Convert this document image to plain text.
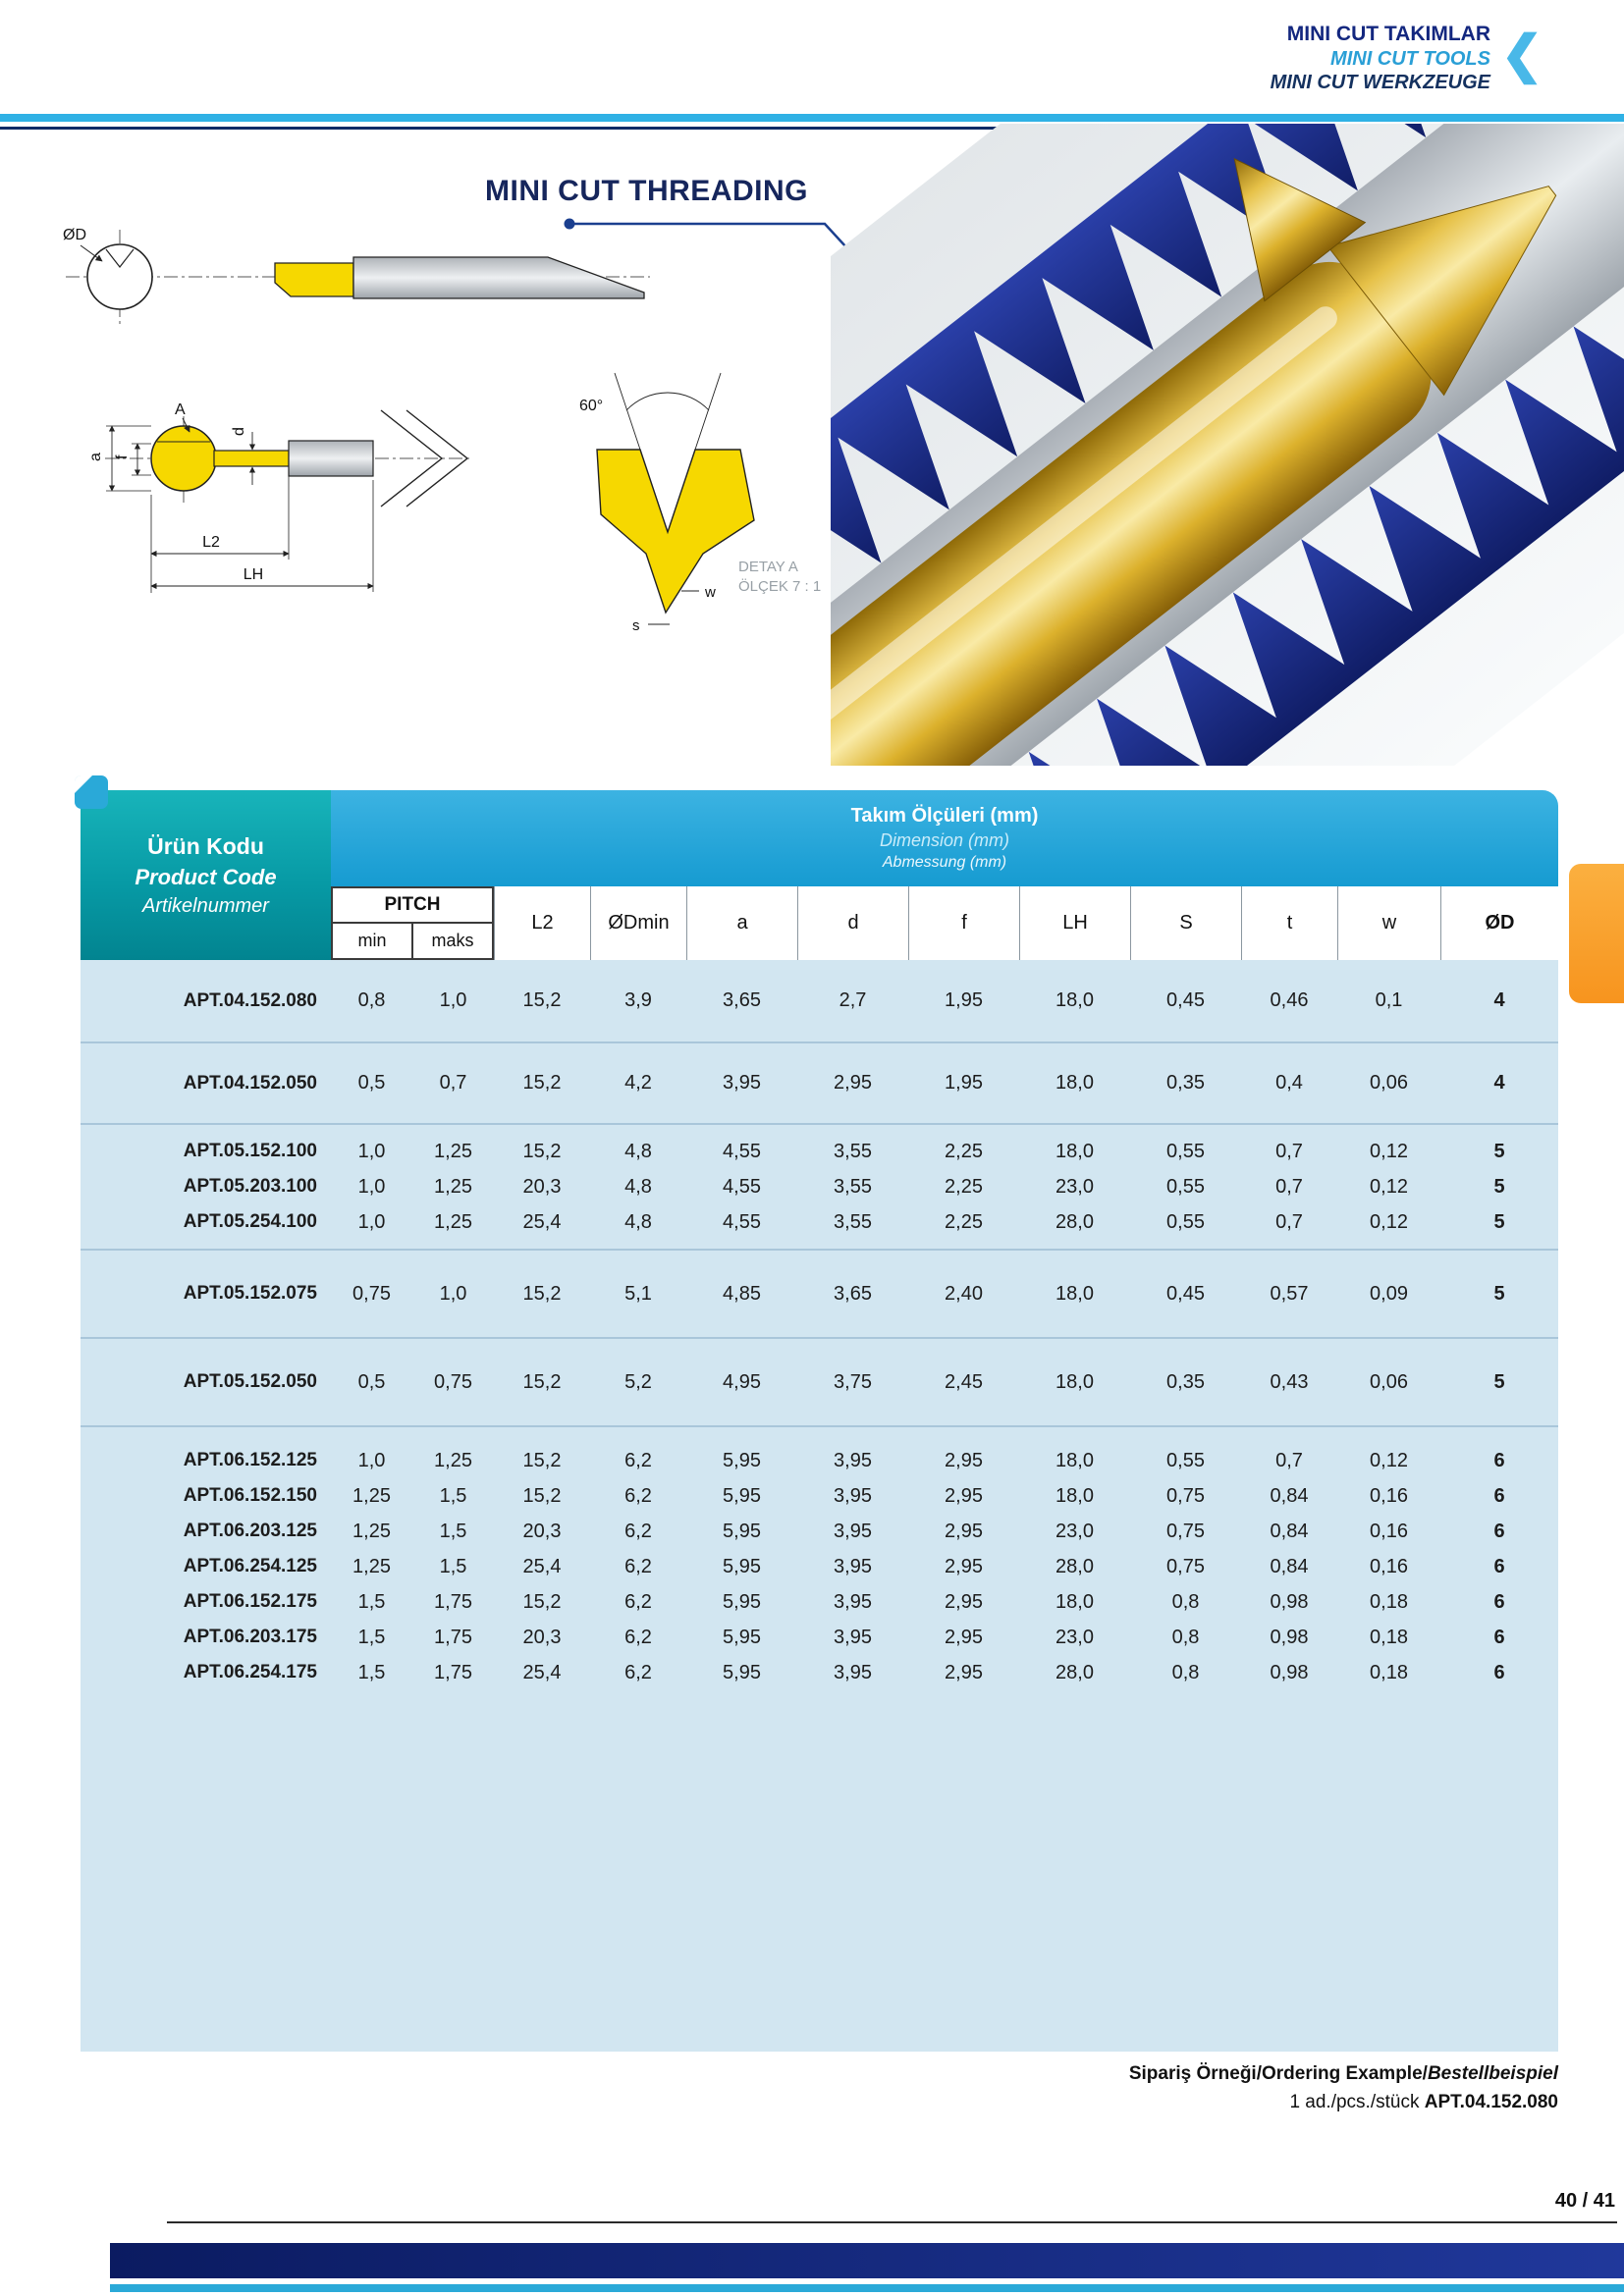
MINI CUT TAKIMLAR
MINI CUT TOOLS
MINI CUT WERKZEUGE ❮
MINI CUT THREADING
ØD
A
a f
d
L2
LH
60°
DETAY A
ÖLÇEK 7 : 1
w
s
Ürün Kodu
Product Code
Artikelnummer
Takım Ölçüleri (mm)
Dimension (mm)
Abmessung (mm)
PITCH
min	maks
L2	ØDmin	a	d	f	LH	S	t	w	ØD
APT.04.152.080	0,8	1,0	15,2	3,9	3,65	2,7	1,95	18,0	0,45	0,46	0,1	4
APT.04.152.050	0,5	0,7	15,2	4,2	3,95	2,95	1,95	18,0	0,35	0,4	0,06	4
APT.05.152.100	1,0	1,25	15,2	4,8	4,55	3,55	2,25	18,0	0,55	0,7	0,12	5
APT.05.203.100	1,0	1,25	20,3	4,8	4,55	3,55	2,25	23,0	0,55	0,7	0,12	5
APT.05.254.100	1,0	1,25	25,4	4,8	4,55	3,55	2,25	28,0	0,55	0,7	0,12	5
APT.05.152.075	0,75	1,0	15,2	5,1	4,85	3,65	2,40	18,0	0,45	0,57	0,09	5
APT.05.152.050	0,5	0,75	15,2	5,2	4,95	3,75	2,45	18,0	0,35	0,43	0,06	5
APT.06.152.125	1,0	1,25	15,2	6,2	5,95	3,95	2,95	18,0	0,55	0,7	0,12	6
APT.06.152.150	1,25	1,5	15,2	6,2	5,95	3,95	2,95	18,0	0,75	0,84	0,16	6
APT.06.203.125	1,25	1,5	20,3	6,2	5,95	3,95	2,95	23,0	0,75	0,84	0,16	6
APT.06.254.125	1,25	1,5	25,4	6,2	5,95	3,95	2,95	28,0	0,75	0,84	0,16	6
APT.06.152.175	1,5	1,75	15,2	6,2	5,95	3,95	2,95	18,0	0,8	0,98	0,18	6
APT.06.203.175	1,5	1,75	20,3	6,2	5,95	3,95	2,95	23,0	0,8	0,98	0,18	6
APT.06.254.175	1,5	1,75	25,4	6,2	5,95	3,95	2,95	28,0	0,8	0,98	0,18	6
Sipariş Örneği/Ordering Example/Bestellbeispiel
1 ad./pcs./stück APT.04.152.080
40 / 41
